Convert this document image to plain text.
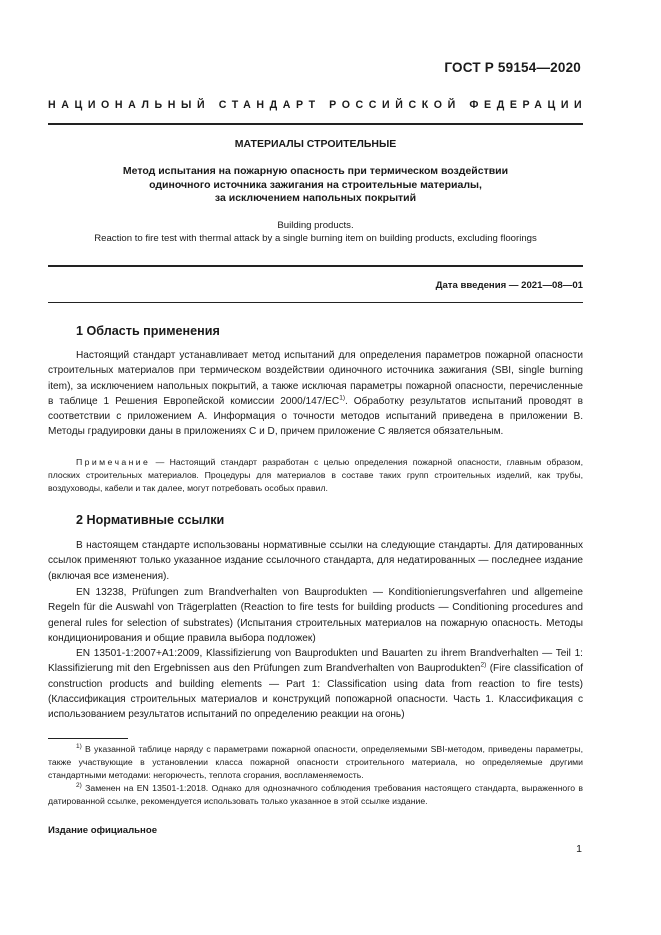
ГОСТ Р 59154—2020
НАЦИОНАЛЬНЫЙ СТАНДАРТ РОССИЙСКОЙ ФЕДЕРАЦИИ
МАТЕРИАЛЫ СТРОИТЕЛЬНЫЕ
Метод испытания на пожарную опасность при термическом воздействии
одиночного источника зажигания на строительные материалы,
за исключением напольных покрытий
Building products.
Reaction to fire test with thermal attack by a single burning item on building products, excluding floorings
Дата введения — 2021—08—01
1 Область применения

Настоящий стандарт устанавливает метод испытаний для определения параметров пожарной опасности строительных материалов при термическом воздействии одиночного источника зажигания (SBI, single burning item), за исключением напольных покрытий, а также исключая параметры пожарной опасности, перечисленные в таблице 1 Решения Европейской комиссии 2000/147/EC$^{1)}$. Обработку результатов испытаний проводят в соответствии с приложением А. Информация о точности методов испытаний приведена в приложении В. Методы градуировки даны в приложениях С и D, причем приложение С является обязательным.

Примечание — Настоящий стандарт разработан с целью определения пожарной опасности, главным образом, плоских строительных материалов. Процедуры для материалов в составе таких групп строительных изделий, как трубы, воздуховоды, кабели и так далее, могут потребовать особых правил.

2 Нормативные ссылки

В настоящем стандарте использованы нормативные ссылки на следующие стандарты. Для датированных ссылок применяют только указанное издание ссылочного стандарта, для недатированных — последнее издание (включая все изменения).

EN 13238, Prüfungen zum Brandverhalten von Bauprodukten — Konditionierungsverfahren und allgemeine Regeln für die Auswahl von Trägerplatten (Reaction to fire tests for building products — Conditioning procedures and general rules for selection of substrates) (Испытания строительных материалов на пожарную опасность. Методы кондиционирования и общие правила выбора подложек)

EN 13501-1:2007+A1:2009, Klassifizierung von Bauprodukten und Bauarten zu ihrem Brandverhalten — Teil 1: Klassifizierung mit den Ergebnissen aus den Prüfungen zum Brandverhalten von Bauprodukten$^{2)}$ (Fire classification of construction products and building elements — Part 1: Classification using data from reaction to fire tests) (Классификация строительных материалов и конструкций попожарной опасности. Часть 1. Классификация с использованием результатов испытаний по определению реакции на огонь)

$^{1)}$ В указанной таблице наряду с параметрами пожарной опасности, определяемыми SBI-методом, приведены параметры, также участвующие в установлении класса пожарной опасности строительного материала, но определяемые другими стандартными методами: негорючесть, теплота сгорания, воспламеняемость.

$^{2)}$ Заменен на EN 13501-1:2018. Однако для однозначного соблюдения требования настоящего стандарта, выраженного в датированной ссылке, рекомендуется использовать только указанное в этой ссылке издание.

Издание официальное
1
